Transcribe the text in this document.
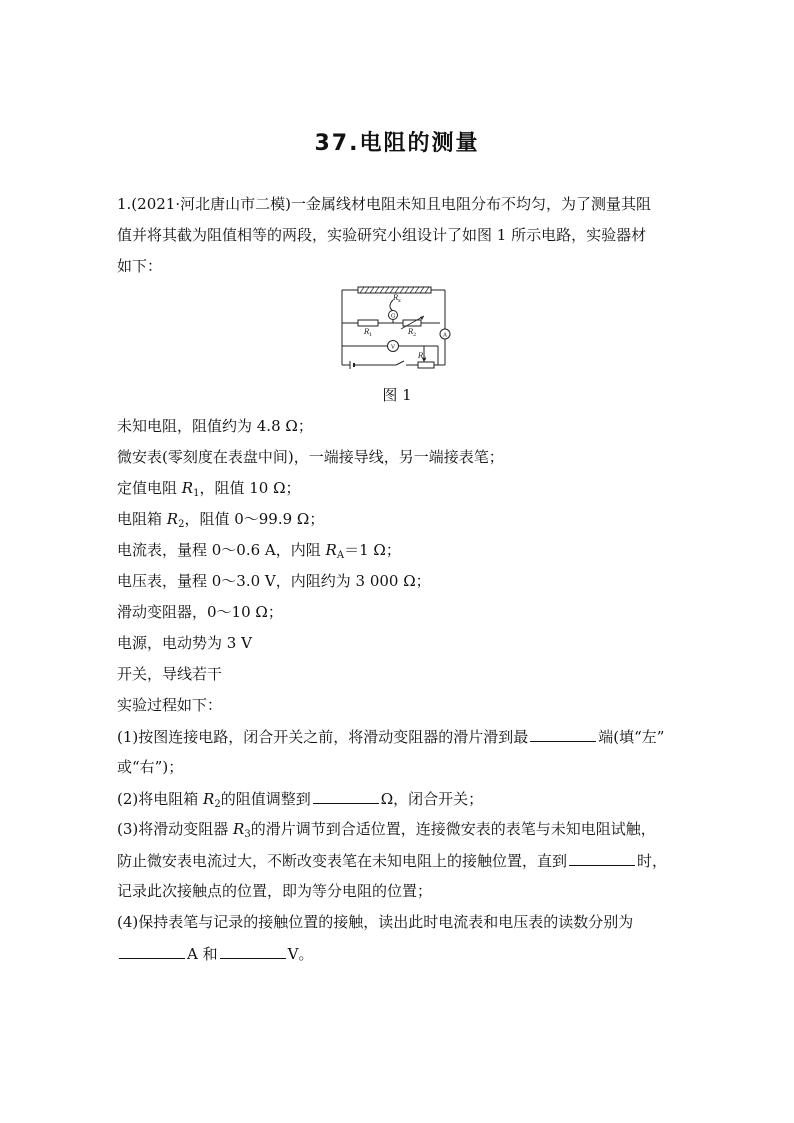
37.电阻的测量
1.(2021·河北唐山市二模)一金属线材电阻未知且电阻分布不均匀，为了测量其阻
值并将其截为阻值相等的两段，实验研究小组设计了如图 1 所示电路，实验器材
如下：
R x
G
R 1	R 2	A
V
R 3
图 1
未知电阻，阻值约为 4.8 Ω；
微安表(零刻度在表盘中间)，一端接导线，另一端接表笔；
定值电阻 $R_1$，阻值 10 Ω；
电阻箱 $R_2$，阻值 0～99.9 Ω；
电流表，量程 0～0.6 A，内阻 $R_A=1$ Ω；
电压表，量程 0～3.0 V，内阻约为 3 000 Ω；
滑动变阻器，0～10 Ω；
电源，电动势为 3 V
开关，导线若干
实验过程如下：
(1)按图连接电路，闭合开关之前，将滑动变阻器的滑片滑到最	端(填“左”
或“右”)；
(2)将电阻箱 $R_2$的阻值调整到	Ω，闭合开关；
(3)将滑动变阻器 $R_3$的滑片调节到合适位置，连接微安表的表笔与未知电阻试触，
防止微安表电流过大，不断改变表笔在未知电阻上的接触位置，直到	时，
记录此次接触点的位置，即为等分电阻的位置；
(4)保持表笔与记录的接触位置的接触，读出此时电流表和电压表的读数分别为
A 和	V。
